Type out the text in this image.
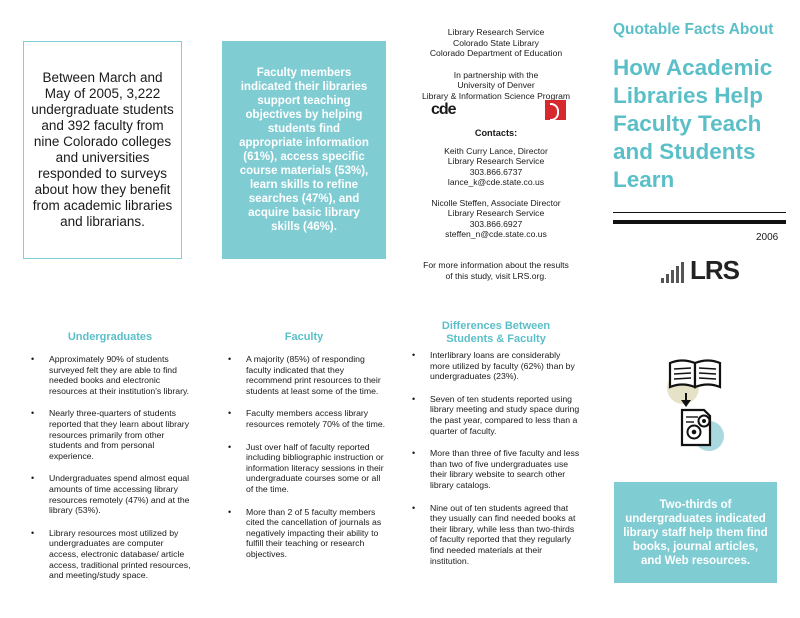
Between March and May of 2005, 3,222 undergraduate students and 392 faculty from nine Colorado colleges and universities responded to surveys about how they benefit from academic libraries and librarians.

Faculty members indicated their libraries support teaching objectives by helping students find appropriate information (61%), access specific course materials (53%), learn skills to refine searches (47%), and acquire basic library skills (46%).

Library Research Service
Colorado State Library
Colorado Department of Education
In partnership with the
University of Denver
Library & Information Science Program
cde
Contacts:
Keith Curry Lance, Director
Library Research Service
303.866.6737
lance_k@cde.state.co.us
Nicolle Steffen, Associate Director
Library Research Service
303.866.6927
steffen_n@cde.state.co.us
For more information about the results
of this study, visit LRS.org.
Quotable Facts About
How Academic
Libraries Help
Faculty Teach
and Students
Learn
2006
LRS
Undergraduates
• Approximately 90% of students surveyed felt they are able to find needed books and electronic resources at their institution's library.
• Nearly three-quarters of students reported that they learn about library resources primarily from other students and from personal experience.
• Undergraduates spend almost equal amounts of time accessing library resources remotely (47%) and at the library (53%).
• Library resources most utilized by undergraduates are computer access, electronic database/ article access, traditional printed resources, and meeting/study space.
Faculty
• A majority (85%) of responding faculty indicated that they recommend print resources to their students at least some of the time.
• Faculty members access library resources remotely 70% of the time.
• Just over half of faculty reported including bibliographic instruction or information literacy sessions in their undergraduate courses some or all of the time.
• More than 2 of 5 faculty members cited the cancellation of journals as negatively impacting their ability to fulfill their teaching or research objectives.
Differences Between
Students & Faculty
• Interlibrary loans are considerably more utilized by faculty (62%) than by undergraduates (23%).
• Seven of ten students reported using library meeting and study space during the past year, compared to less than a quarter of faculty.
• More than three of five faculty and less than two of five undergraduates use their library website to search other library catalogs.
• Nine out of ten students agreed that they usually can find needed books at their library, while less than two-thirds of faculty reported that they regularly find needed materials at their institution.

Two-thirds of undergraduates indicated library staff help them find books, journal articles, and Web resources.
